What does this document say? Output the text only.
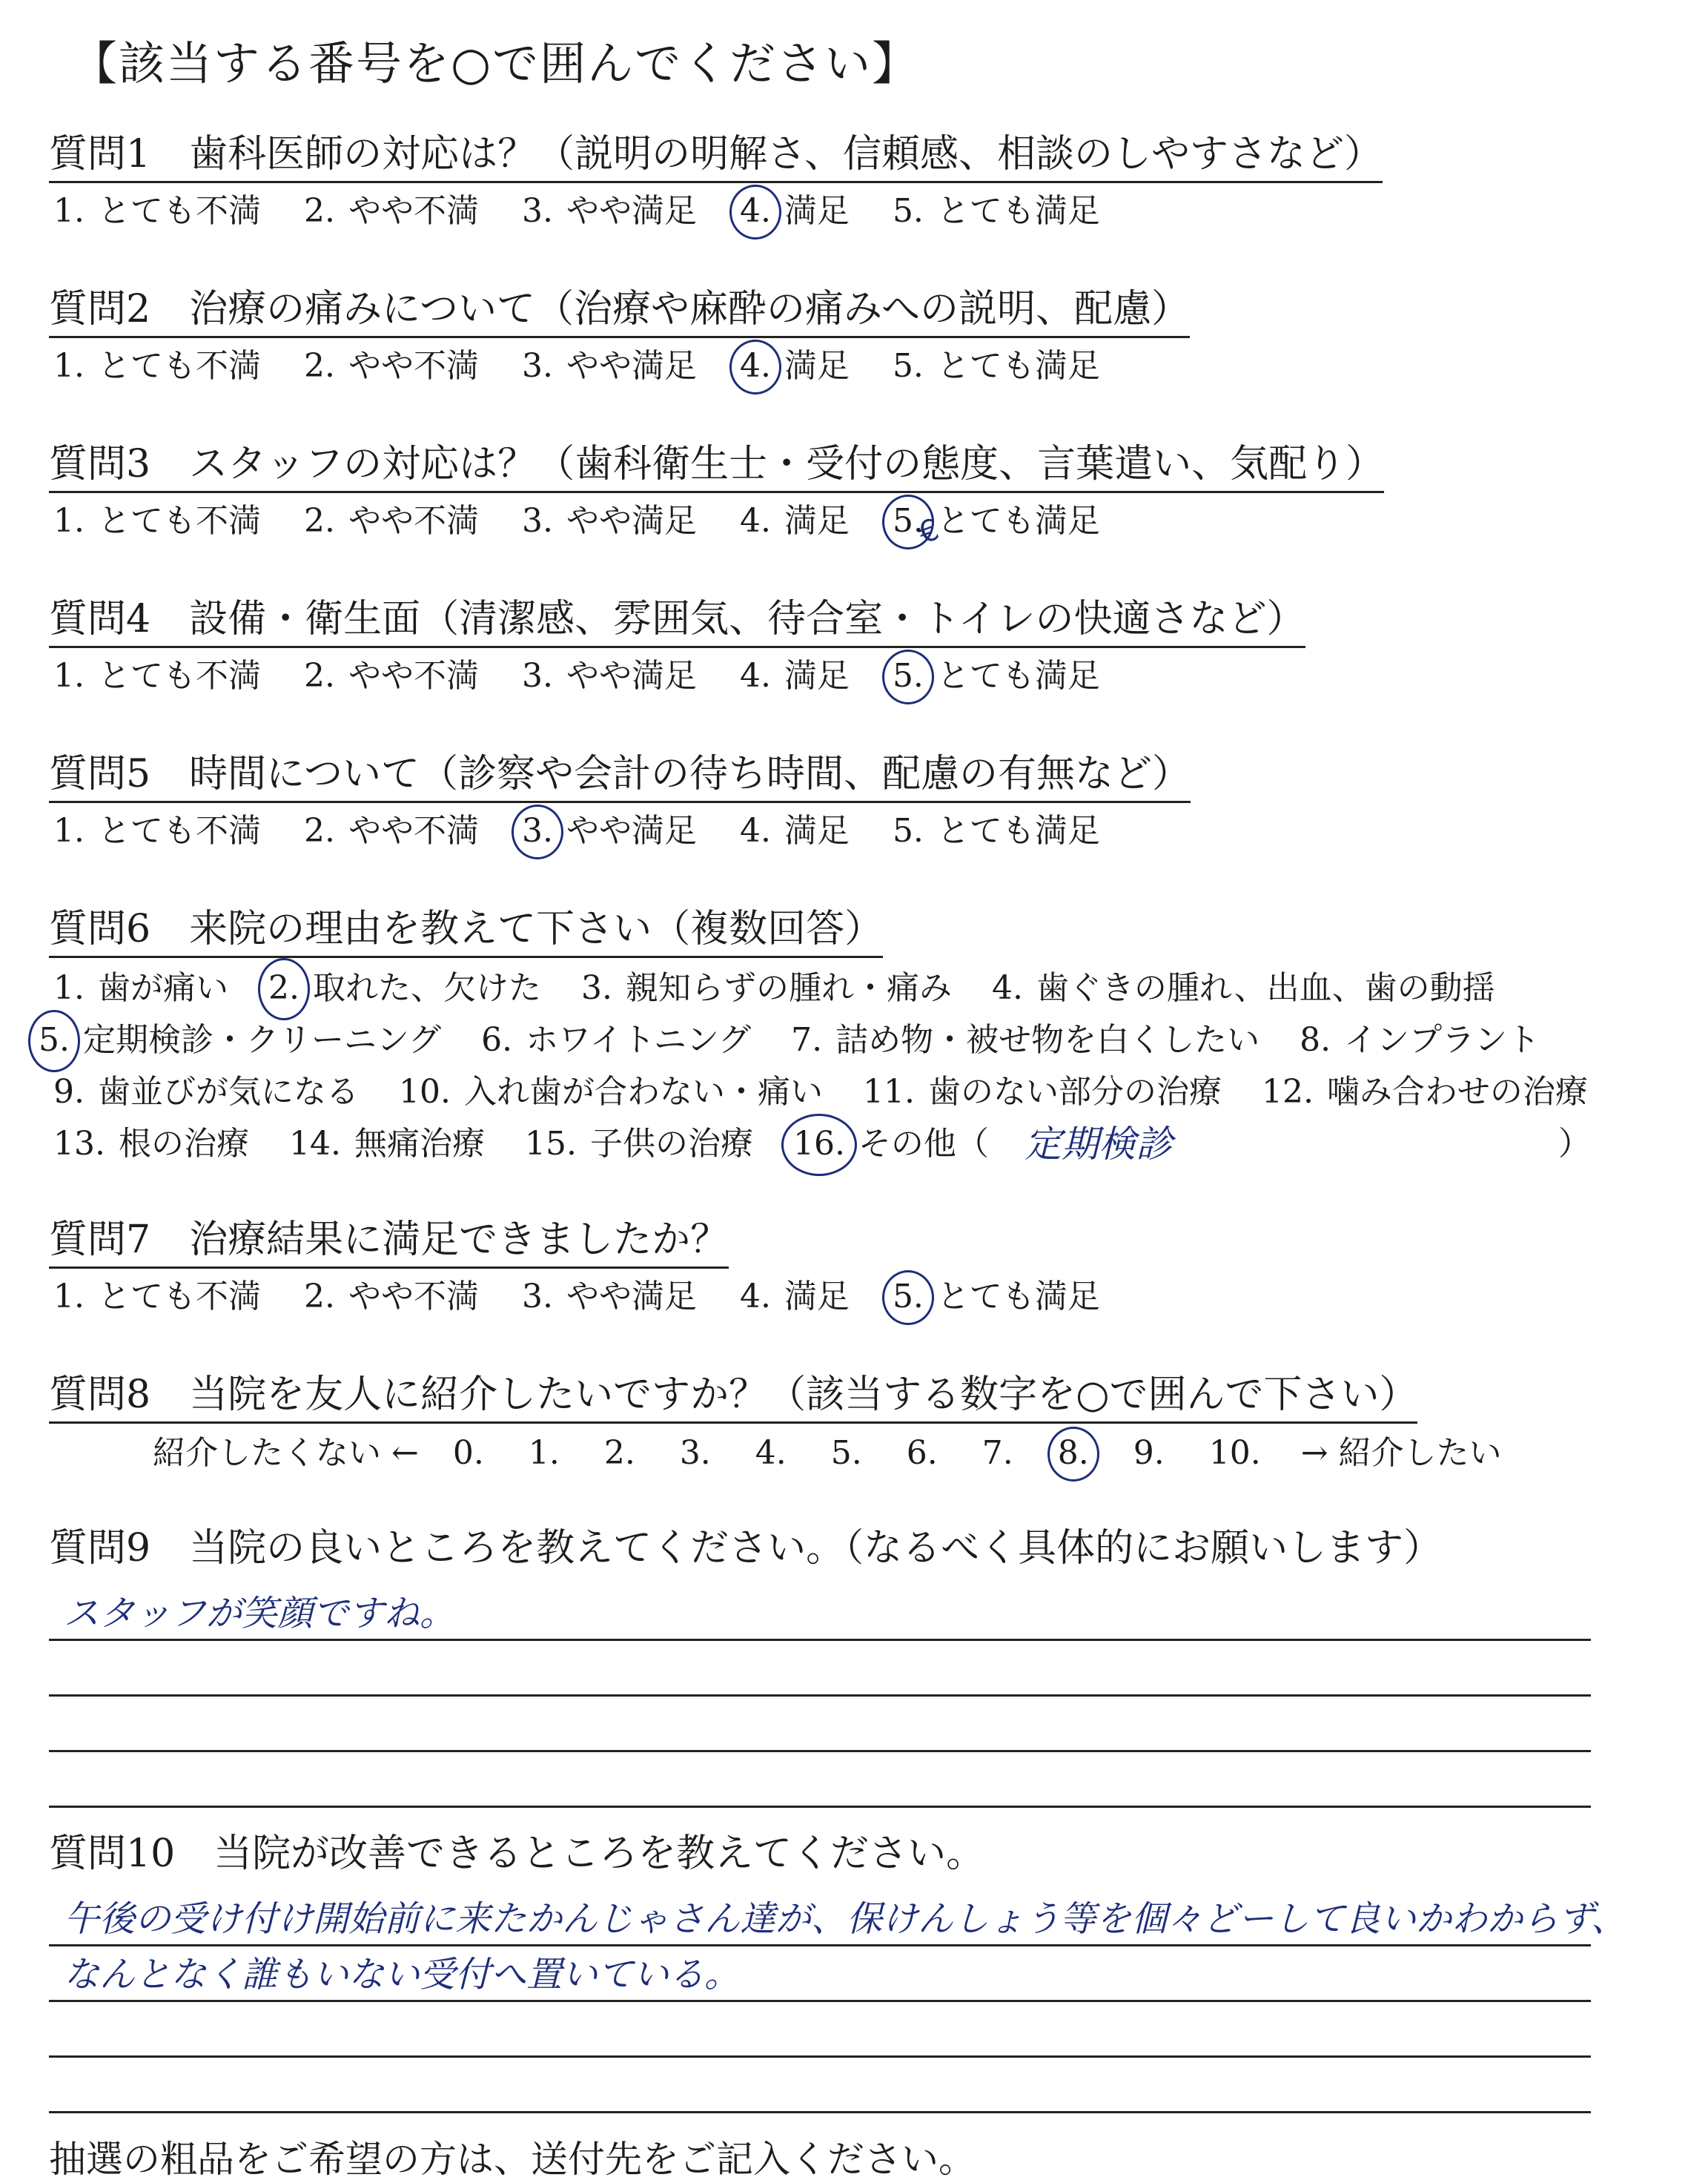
【該当する番号を○で囲んでください】
€
質問1　歯科医師の対応は？（説明の明解さ、信頼感、相談のしやすさなど）
1. とても不満 2. やや不満 3. やや満足 4. 満足 5. とても満足
質問2　治療の痛みについて（治療や麻酔の痛みへの説明、配慮）
1. とても不満 2. やや不満 3. やや満足 4. 満足 5. とても満足
質問3　スタッフの対応は？（歯科衛生士・受付の態度、言葉遣い、気配り）
1. とても不満 2. やや不満 3. やや満足 4. 満足 5. とても満足
質問4　設備・衛生面（清潔感、雰囲気、待合室・トイレの快適さなど）
1. とても不満 2. やや不満 3. やや満足 4. 満足 5. とても満足
質問5　時間について（診察や会計の待ち時間、配慮の有無など）
1. とても不満 2. やや不満 3. やや満足 4. 満足 5. とても満足
質問6　来院の理由を教えて下さい（複数回答）
1. 歯が痛い 2. 取れた、欠けた 3. 親知らずの腫れ・痛み 4. 歯ぐきの腫れ、出血、歯の動揺
5. 定期検診・クリーニング 6. ホワイトニング 7. 詰め物・被せ物を白くしたい 8. インプラント
9. 歯並びが気になる 10. 入れ歯が合わない・痛い 11. 歯のない部分の治療 12. 噛み合わせの治療
13. 根の治療 14. 無痛治療 15. 子供の治療 16. その他（ 定期検診	）
質問7　治療結果に満足できましたか？
1. とても不満 2. やや不満 3. やや満足 4. 満足 5. とても満足
質問8　当院を友人に紹介したいですか？（該当する数字を○で囲んで下さい）
紹介したくない ← 0. 1. 2. 3. 4. 5. 6. 7. 8. 9. 10. → 紹介したい
質問9　当院の良いところを教えてください。（なるべく具体的にお願いします）
スタッフが笑顔ですね。
質問10　当院が改善できるところを教えてください。
午後の受け付け開始前に来たかんじゃさん達が、保けんしょう等を個々どーして良いかわからず、
なんとなく誰もいない受付へ置いている。
抽選の粗品をご希望の方は、送付先をご記入ください。
